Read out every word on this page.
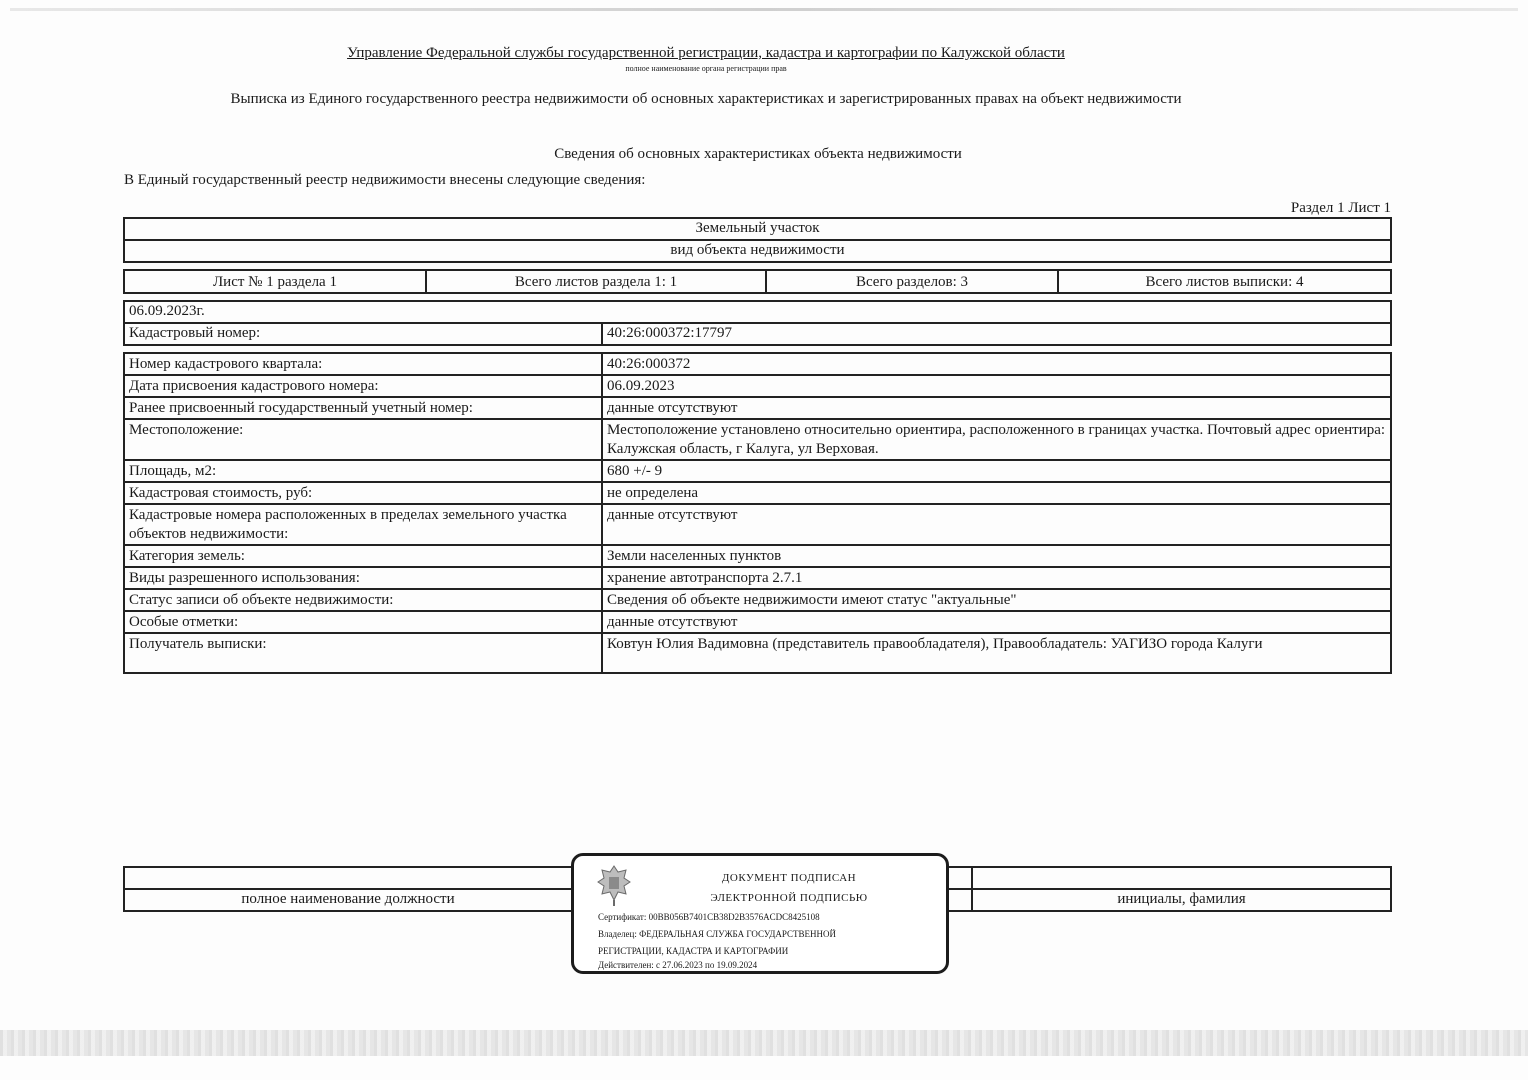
Управление Федеральной службы государственной регистрации, кадастра и картографии по Калужской области
полное наименование органа регистрации прав
Выписка из Единого государственного реестра недвижимости об основных характеристиках и зарегистрированных правах на объект недвижимости
Сведения об основных характеристиках объекта недвижимости
В Единый государственный реестр недвижимости внесены следующие сведения:
Раздел 1 Лист 1
Земельный участок
вид объекта недвижимости
Лист № 1 раздела 1	Всего листов раздела 1: 1	Всего разделов: 3	Всего листов выписки: 4
06.09.2023г.
Кадастровый номер:	40:26:000372:17797
Номер кадастрового квартала:	40:26:000372
Дата присвоения кадастрового номера:	06.09.2023
Ранее присвоенный государственный учетный номер:	данные отсутствуют
Местоположение:	Местоположение установлено относительно ориентира, расположенного в границах участка. Почтовый адрес ориентира: Калужская область, г Калуга, ул Верховая.
Площадь, м2:	680 +/- 9
Кадастровая стоимость, руб:	не определена
Кадастровые номера расположенных в пределах земельного участка объектов недвижимости:	данные отсутствуют
Категория земель:	Земли населенных пунктов
Виды разрешенного использования:	хранение автотранспорта 2.7.1
Статус записи об объекте недвижимости:	Сведения об объекте недвижимости имеют статус "актуальные"
Особые отметки:	данные отсутствуют
Получатель выписки:	Ковтун Юлия Вадимовна (представитель правообладателя), Правообладатель: УАГИЗО города Калуги

полное наименование должности		инициалы, фамилия
ДОКУМЕНТ ПОДПИСАН
ЭЛЕКТРОННОЙ ПОДПИСЬЮ
Сертификат: 00BB056B7401CB38D2B3576ACDC8425108
Владелец: ФЕДЕРАЛЬНАЯ СЛУЖБА ГОСУДАРСТВЕННОЙ
РЕГИСТРАЦИИ, КАДАСТРА И КАРТОГРАФИИ
Действителен: с 27.06.2023 по 19.09.2024
